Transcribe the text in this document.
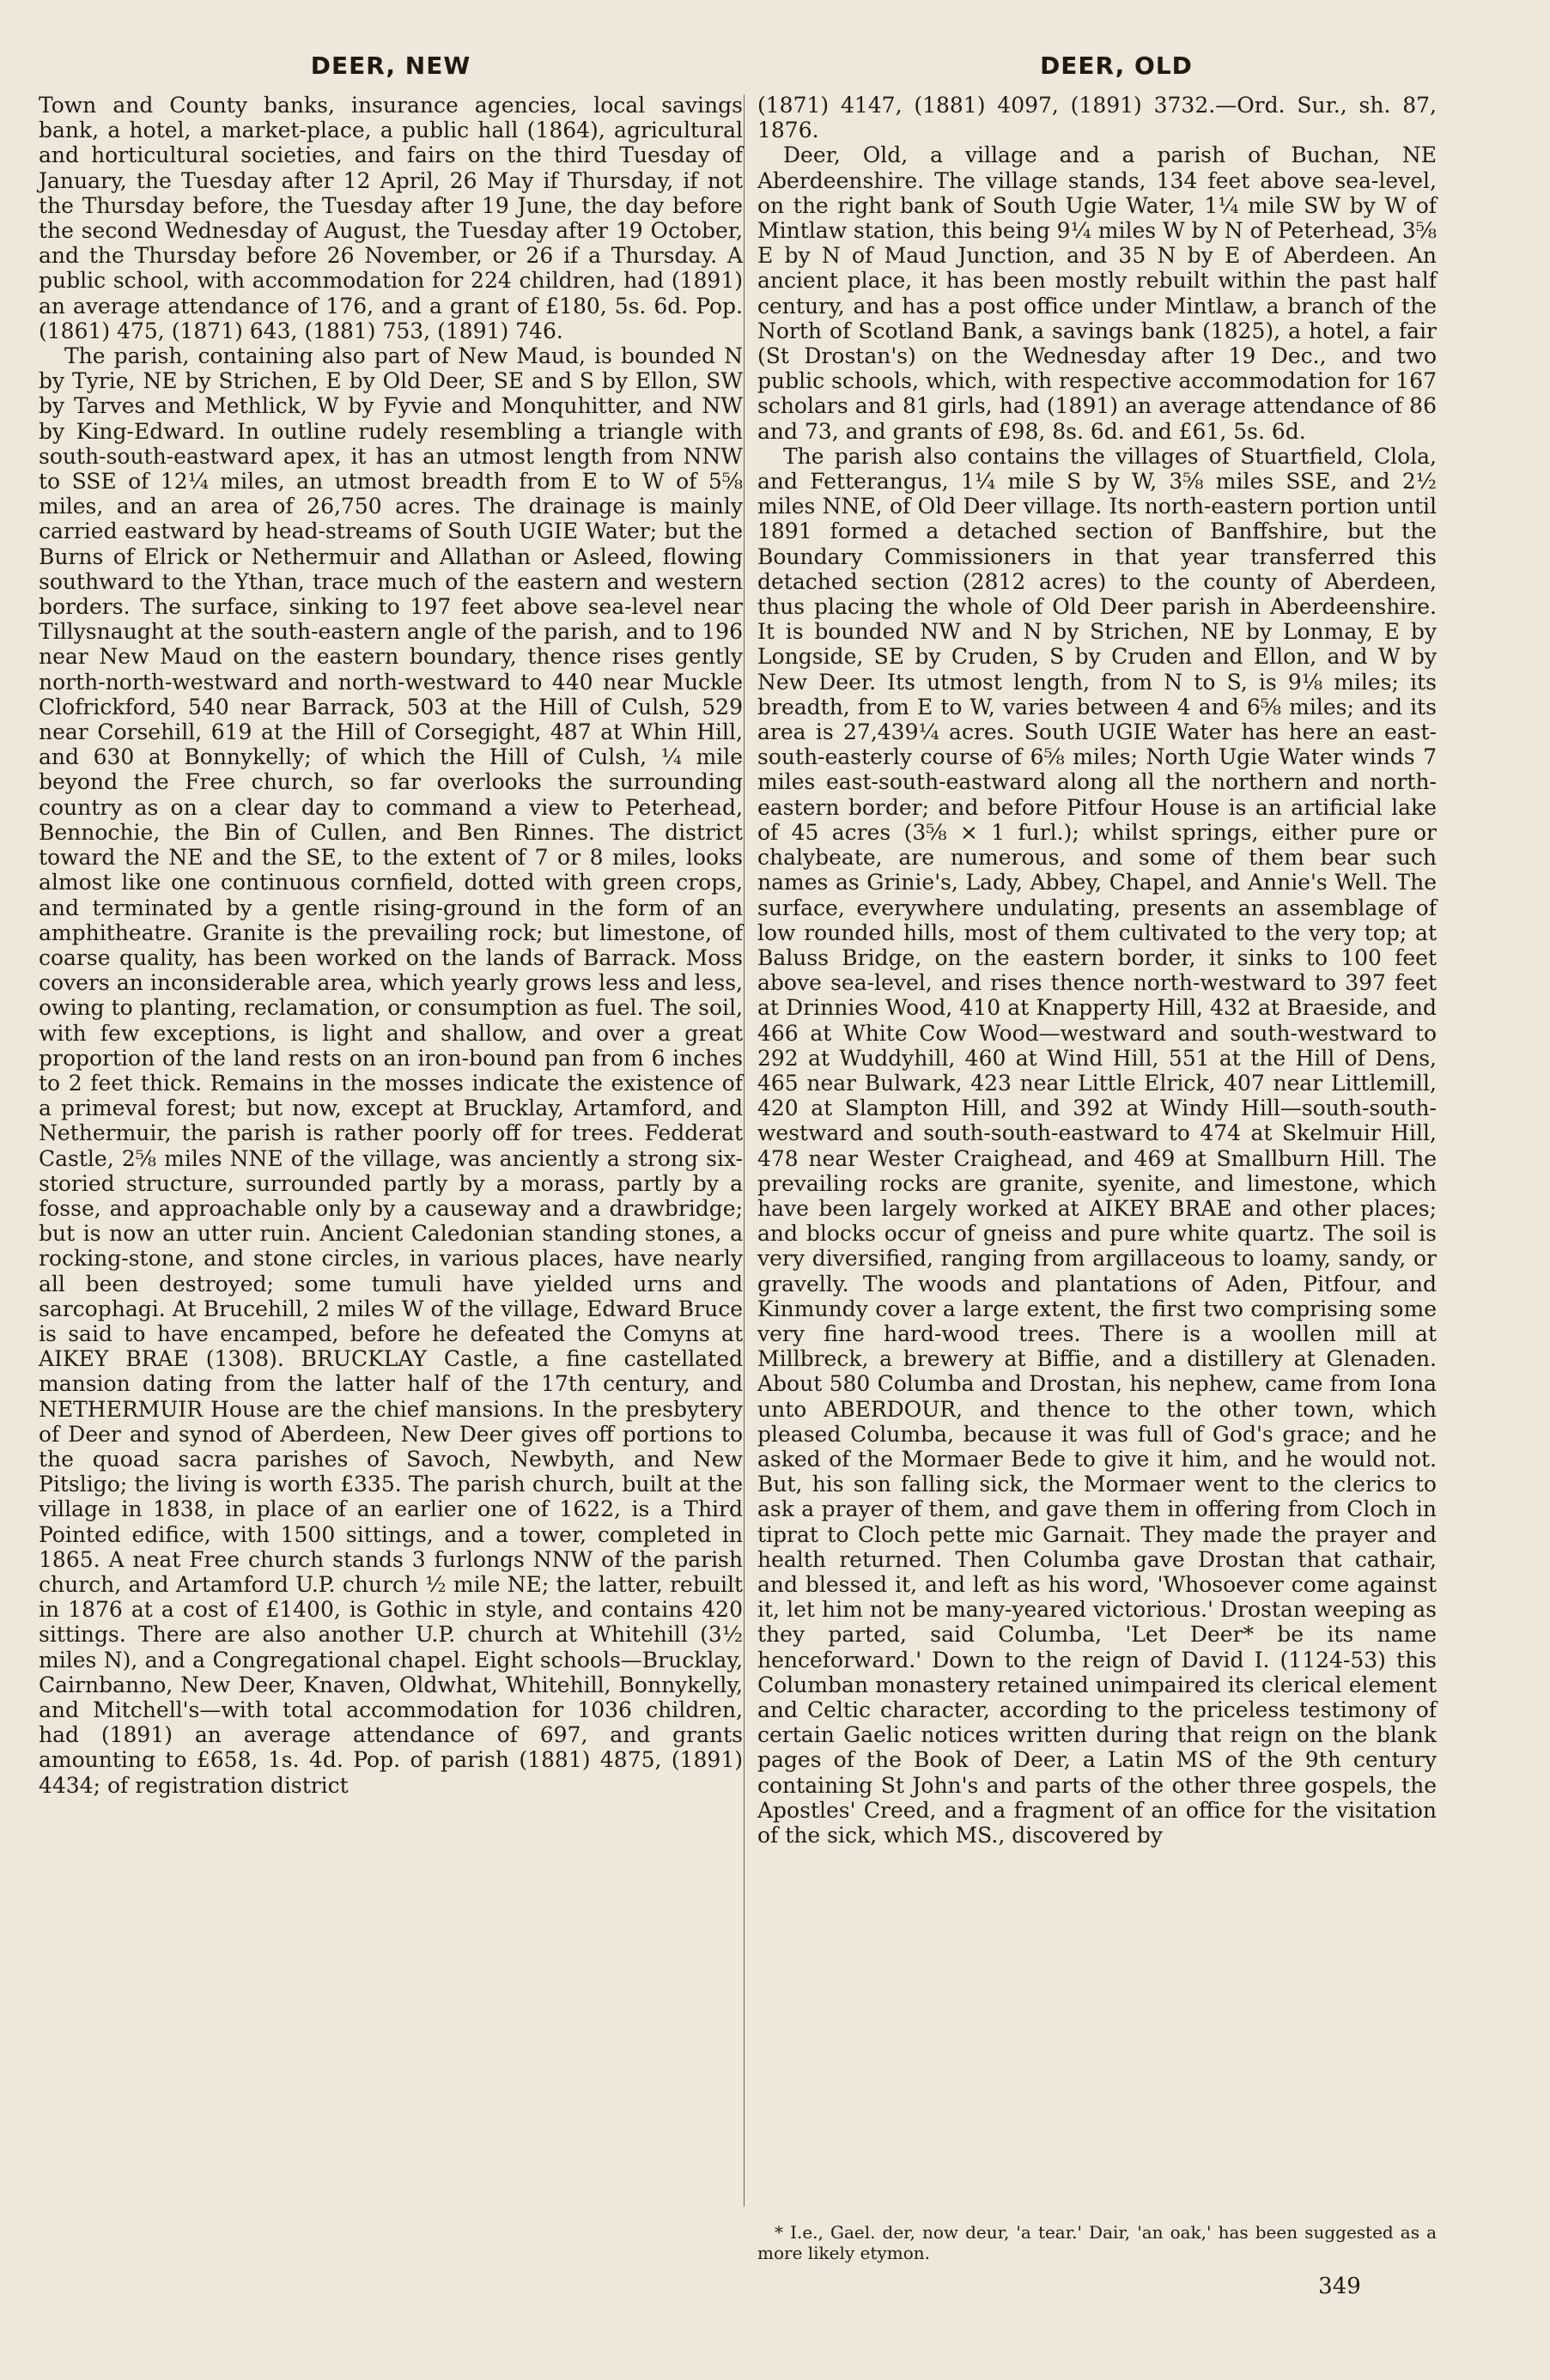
DEER, NEW	DEER, OLD

Town and County banks, insurance agencies, local savings bank, a hotel, a market-place, a public hall (1864), agricultural and horticultural societies, and fairs on the third Tuesday of January, the Tuesday after 12 April, 26 May if Thursday, if not the Thursday before, the Tuesday after 19 June, the day before the second Wednesday of August, the Tuesday after 19 October, and the Thursday before 26 November, or 26 if a Thursday. A public school, with accommodation for 224 children, had (1891) an average attendance of 176, and a grant of £180, 5s. 6d. Pop. (1861) 475, (1871) 643, (1881) 753, (1891) 746.

The parish, containing also part of New Maud, is bounded N by Tyrie, NE by Strichen, E by Old Deer, SE and S by Ellon, SW by Tarves and Methlick, W by Fyvie and Monquhitter, and NW by King-Edward. In outline rudely resembling a triangle with south-south-eastward apex, it has an utmost length from NNW to SSE of 12¼ miles, an utmost breadth from E to W of 5⅝ miles, and an area of 26,750 acres. The drainage is mainly carried eastward by head-streams of South UGIE Water; but the Burns of Elrick or Nethermuir and Allathan or Asleed, flowing southward to the Ythan, trace much of the eastern and western borders. The surface, sinking to 197 feet above sea-level near Tillysnaught at the south-eastern angle of the parish, and to 196 near New Maud on the eastern boundary, thence rises gently north-north-westward and north-westward to 440 near Muckle Clofrickford, 540 near Barrack, 503 at the Hill of Culsh, 529 near Corsehill, 619 at the Hill of Corsegight, 487 at Whin Hill, and 630 at Bonnykelly; of which the Hill of Culsh, ¼ mile beyond the Free church, so far overlooks the surrounding country as on a clear day to command a view to Peterhead, Bennochie, the Bin of Cullen, and Ben Rinnes. The district toward the NE and the SE, to the extent of 7 or 8 miles, looks almost like one continuous cornfield, dotted with green crops, and terminated by a gentle rising-ground in the form of an amphitheatre. Granite is the prevailing rock; but limestone, of coarse quality, has been worked on the lands of Barrack. Moss covers an inconsiderable area, which yearly grows less and less, owing to planting, reclamation, or consumption as fuel. The soil, with few exceptions, is light and shallow, and over a great proportion of the land rests on an iron-bound pan from 6 inches to 2 feet thick. Remains in the mosses indicate the existence of a primeval forest; but now, except at Brucklay, Artamford, and Nethermuir, the parish is rather poorly off for trees. Fedderat Castle, 2⅝ miles NNE of the village, was anciently a strong six-storied structure, surrounded partly by a morass, partly by a fosse, and approachable only by a causeway and a drawbridge; but is now an utter ruin. Ancient Caledonian standing stones, a rocking-stone, and stone circles, in various places, have nearly all been destroyed; some tumuli have yielded urns and sarcophagi. At Brucehill, 2 miles W of the village, Edward Bruce is said to have encamped, before he defeated the Comyns at AIKEY BRAE (1308). BRUCKLAY Castle, a fine castellated mansion dating from the latter half of the 17th century, and NETHERMUIR House are the chief mansions. In the presbytery of Deer and synod of Aberdeen, New Deer gives off portions to the quoad sacra parishes of Savoch, Newbyth, and New Pitsligo; the living is worth £335. The parish church, built at the village in 1838, in place of an earlier one of 1622, is a Third Pointed edifice, with 1500 sittings, and a tower, completed in 1865. A neat Free church stands 3 furlongs NNW of the parish church, and Artamford U.P. church ½ mile NE; the latter, rebuilt in 1876 at a cost of £1400, is Gothic in style, and contains 420 sittings. There are also another U.P. church at Whitehill (3½ miles N), and a Congregational chapel. Eight schools—Brucklay, Cairnbanno, New Deer, Knaven, Oldwhat, Whitehill, Bonnykelly, and Mitchell's—with total accommodation for 1036 children, had (1891) an average attendance of 697, and grants amounting to £658, 1s. 4d. Pop. of parish (1881) 4875, (1891) 4434; of registration district

(1871) 4147, (1881) 4097, (1891) 3732.—Ord. Sur., sh. 87, 1876.

Deer, Old, a village and a parish of Buchan, NE Aberdeenshire. The village stands, 134 feet above sea-level, on the right bank of South Ugie Water, 1¼ mile SW by W of Mintlaw station, this being 9¼ miles W by N of Peterhead, 3⅝ E by N of Maud Junction, and 35 N by E of Aberdeen. An ancient place, it has been mostly rebuilt within the past half century, and has a post office under Mintlaw, a branch of the North of Scotland Bank, a savings bank (1825), a hotel, a fair (St Drostan's) on the Wednesday after 19 Dec., and two public schools, which, with respective accommodation for 167 scholars and 81 girls, had (1891) an average attendance of 86 and 73, and grants of £98, 8s. 6d. and £61, 5s. 6d.

The parish also contains the villages of Stuartfield, Clola, and Fetterangus, 1¼ mile S by W, 3⅝ miles SSE, and 2½ miles NNE, of Old Deer village. Its north-eastern portion until 1891 formed a detached section of Banffshire, but the Boundary Commissioners in that year transferred this detached section (2812 acres) to the county of Aberdeen, thus placing the whole of Old Deer parish in Aberdeenshire. It is bounded NW and N by Strichen, NE by Lonmay, E by Longside, SE by Cruden, S by Cruden and Ellon, and W by New Deer. Its utmost length, from N to S, is 9⅛ miles; its breadth, from E to W, varies between 4 and 6⅝ miles; and its area is 27,439¼ acres. South UGIE Water has here an east-south-easterly course of 6⅝ miles; North Ugie Water winds 7 miles east-south-eastward along all the northern and north-eastern border; and before Pitfour House is an artificial lake of 45 acres (3⅝ × 1 furl.); whilst springs, either pure or chalybeate, are numerous, and some of them bear such names as Grinie's, Lady, Abbey, Chapel, and Annie's Well. The surface, everywhere undulating, presents an assemblage of low rounded hills, most of them cultivated to the very top; at Baluss Bridge, on the eastern border, it sinks to 100 feet above sea-level, and rises thence north-westward to 397 feet at Drinnies Wood, 410 at Knapperty Hill, 432 at Braeside, and 466 at White Cow Wood—westward and south-westward to 292 at Wuddyhill, 460 at Wind Hill, 551 at the Hill of Dens, 465 near Bulwark, 423 near Little Elrick, 407 near Littlemill, 420 at Slampton Hill, and 392 at Windy Hill—south-south-westward and south-south-eastward to 474 at Skelmuir Hill, 478 near Wester Craighead, and 469 at Smallburn Hill. The prevailing rocks are granite, syenite, and limestone, which have been largely worked at AIKEY BRAE and other places; and blocks occur of gneiss and pure white quartz. The soil is very diversified, ranging from argillaceous to loamy, sandy, or gravelly. The woods and plantations of Aden, Pitfour, and Kinmundy cover a large extent, the first two comprising some very fine hard-wood trees. There is a woollen mill at Millbreck, a brewery at Biffie, and a distillery at Glenaden. About 580 Columba and Drostan, his nephew, came from Iona unto ABERDOUR, and thence to the other town, which pleased Columba, because it was full of God's grace; and he asked of the Mormaer Bede to give it him, and he would not. But, his son falling sick, the Mormaer went to the clerics to ask a prayer of them, and gave them in offering from Cloch in tiprat to Cloch pette mic Garnait. They made the prayer and health returned. Then Columba gave Drostan that cathair, and blessed it, and left as his word, 'Whosoever come against it, let him not be many-yeared victorious.' Drostan weeping as they parted, said Columba, 'Let Deer* be its name henceforward.' Down to the reign of David I. (1124-53) this Columban monastery retained unimpaired its clerical element and Celtic character, according to the priceless testimony of certain Gaelic notices written during that reign on the blank pages of the Book of Deer, a Latin MS of the 9th century containing St John's and parts of the other three gospels, the Apostles' Creed, and a fragment of an office for the visitation of the sick, which MS., discovered by

* I.e., Gael. der, now deur, 'a tear.' Dair, 'an oak,' has been suggested as a more likely etymon.

349
